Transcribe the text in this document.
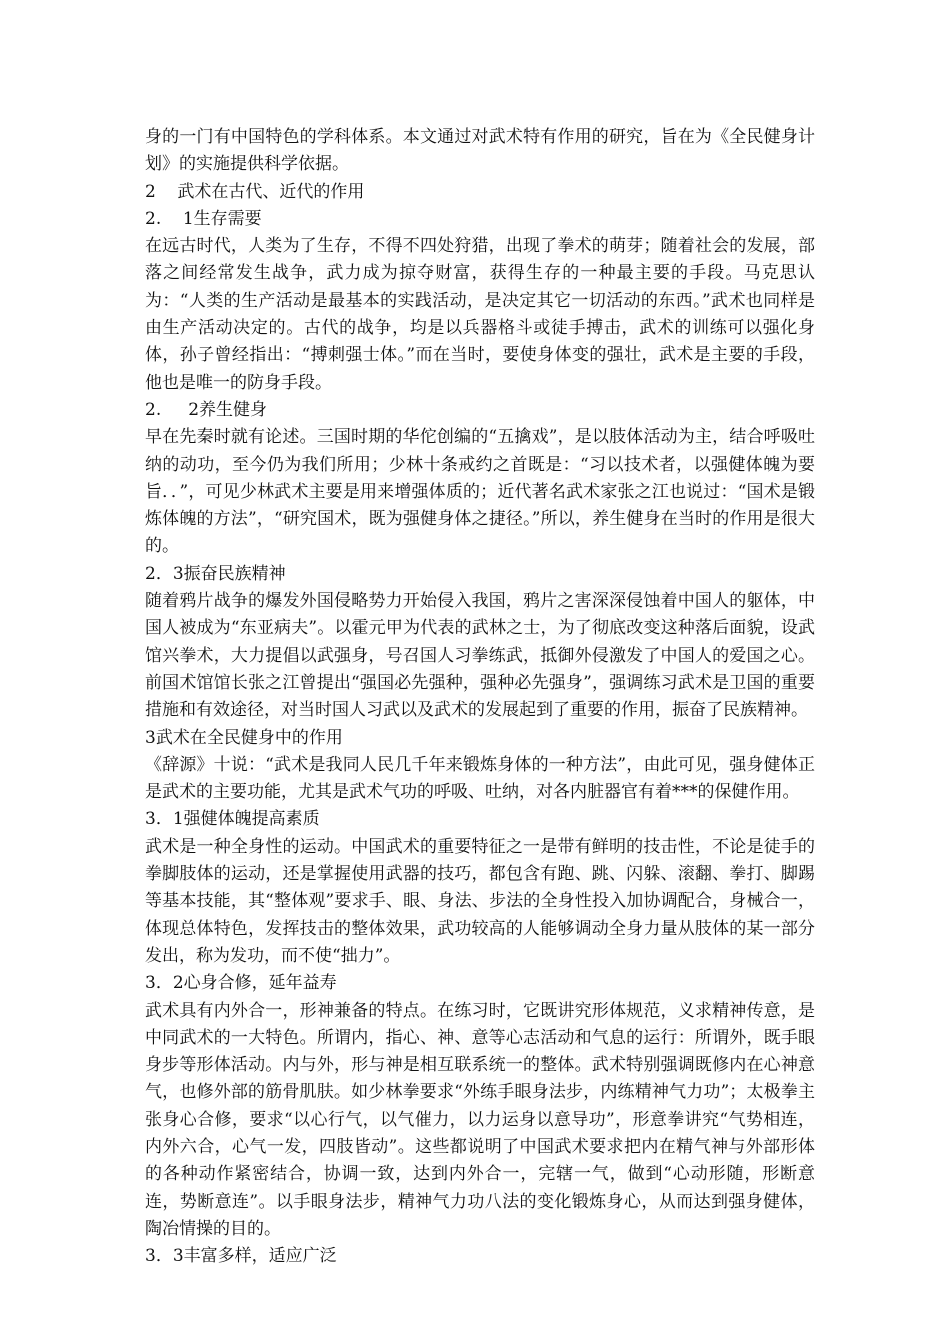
身的一门有中国特色的学科体系。本文通过对武术特有作用的研究，旨在为《全民健身计划》的实施提供科学依据。

2    武术在古代、近代的作用
2.    1生存需要

在远古时代，人类为了生存，不得不四处狩猎，出现了拳术的萌芽；随着社会的发展，部落之间经常发生战争，武力成为掠夺财富，获得生存的一种最主要的手段。马克思认为：“人类的生产活动是最基本的实践活动，是决定其它一切活动的东西。”武术也同样是由生产活动决定的。古代的战争，均是以兵器格斗或徒手搏击，武术的训练可以强化身体，孙子曾经指出：“搏刺强士体。”而在当时，要使身体变的强壮，武术是主要的手段，他也是唯一的防身手段。

2.     2养生健身

早在先秦时就有论述。三国时期的华佗创编的“五擒戏”，是以肢体活动为主，结合呼吸吐纳的动功，至今仍为我们所用；少林十条戒约之首既是：“习以技术者，以强健体魄为要旨．．”，可见少林武术主要是用来增强体质的；近代著名武术家张之江也说过：“国术是锻炼体魄的方法”，“研究国术，既为强健身体之捷径。”所以，养生健身在当时的作用是很大的。

2．3振奋民族精神

随着鸦片战争的爆发外国侵略势力开始侵入我国，鸦片之害深深侵蚀着中国人的躯体，中国人被成为“东亚病夫”。以霍元甲为代表的武林之士，为了彻底改变这种落后面貌，设武馆兴拳术，大力提倡以武强身，号召国人习拳练武，抵御外侵激发了中国人的爱国之心。前国术馆馆长张之江曾提出“强国必先强种，强种必先强身”，强调练习武术是卫国的重要措施和有效途径，对当时国人习武以及武术的发展起到了重要的作用，振奋了民族精神。

3武术在全民健身中的作用

《辞源》十说：“武术是我同人民几千年来锻炼身体的一种方法”，由此可见，强身健体正是武术的主要功能，尤其是武术气功的呼吸、吐纳，对各内脏器官有着***的保健作用。

3．1强健体魄提高素质

武术是一种全身性的运动。中国武术的重要特征之一是带有鲜明的技击性，不论是徒手的拳脚肢体的运动，还是掌握使用武器的技巧，都包含有跑、跳、闪躲、滚翻、拳打、脚踢等基本技能，其“整体观”要求手、眼、身法、步法的全身性投入加协调配合，身械合一，体现总体特色，发挥技击的整体效果，武功较高的人能够调动全身力量从肢体的某一部分发出，称为发功，而不使“拙力”。

3．2心身合修，延年益寿

武术具有内外合一，形神兼备的特点。在练习时，它既讲究形体规范，义求精神传意，是中同武术的一大特色。所谓内，指心、神、意等心志活动和气息的运行：所谓外，既手眼身步等形体活动。内与外，形与神是相互联系统一的整体。武术特别强调既修内在心神意气，也修外部的筋骨肌肤。如少林拳要求“外练手眼身法步，内练精神气力功”；太极拳主张身心合修，要求“以心行气，以气催力，以力运身以意导功”，形意拳讲究“气势相连，内外六合，心气一发，四肢皆动”。这些都说明了中国武术要求把内在精气神与外部形体的各种动作紧密结合，协调一致，达到内外合一，完辖一气，做到“心动形随，形断意连，势断意连”。以手眼身法步，精神气力功八法的变化锻炼身心，从而达到强身健体，陶冶情操的目的。

3．3丰富多样，适应广泛
